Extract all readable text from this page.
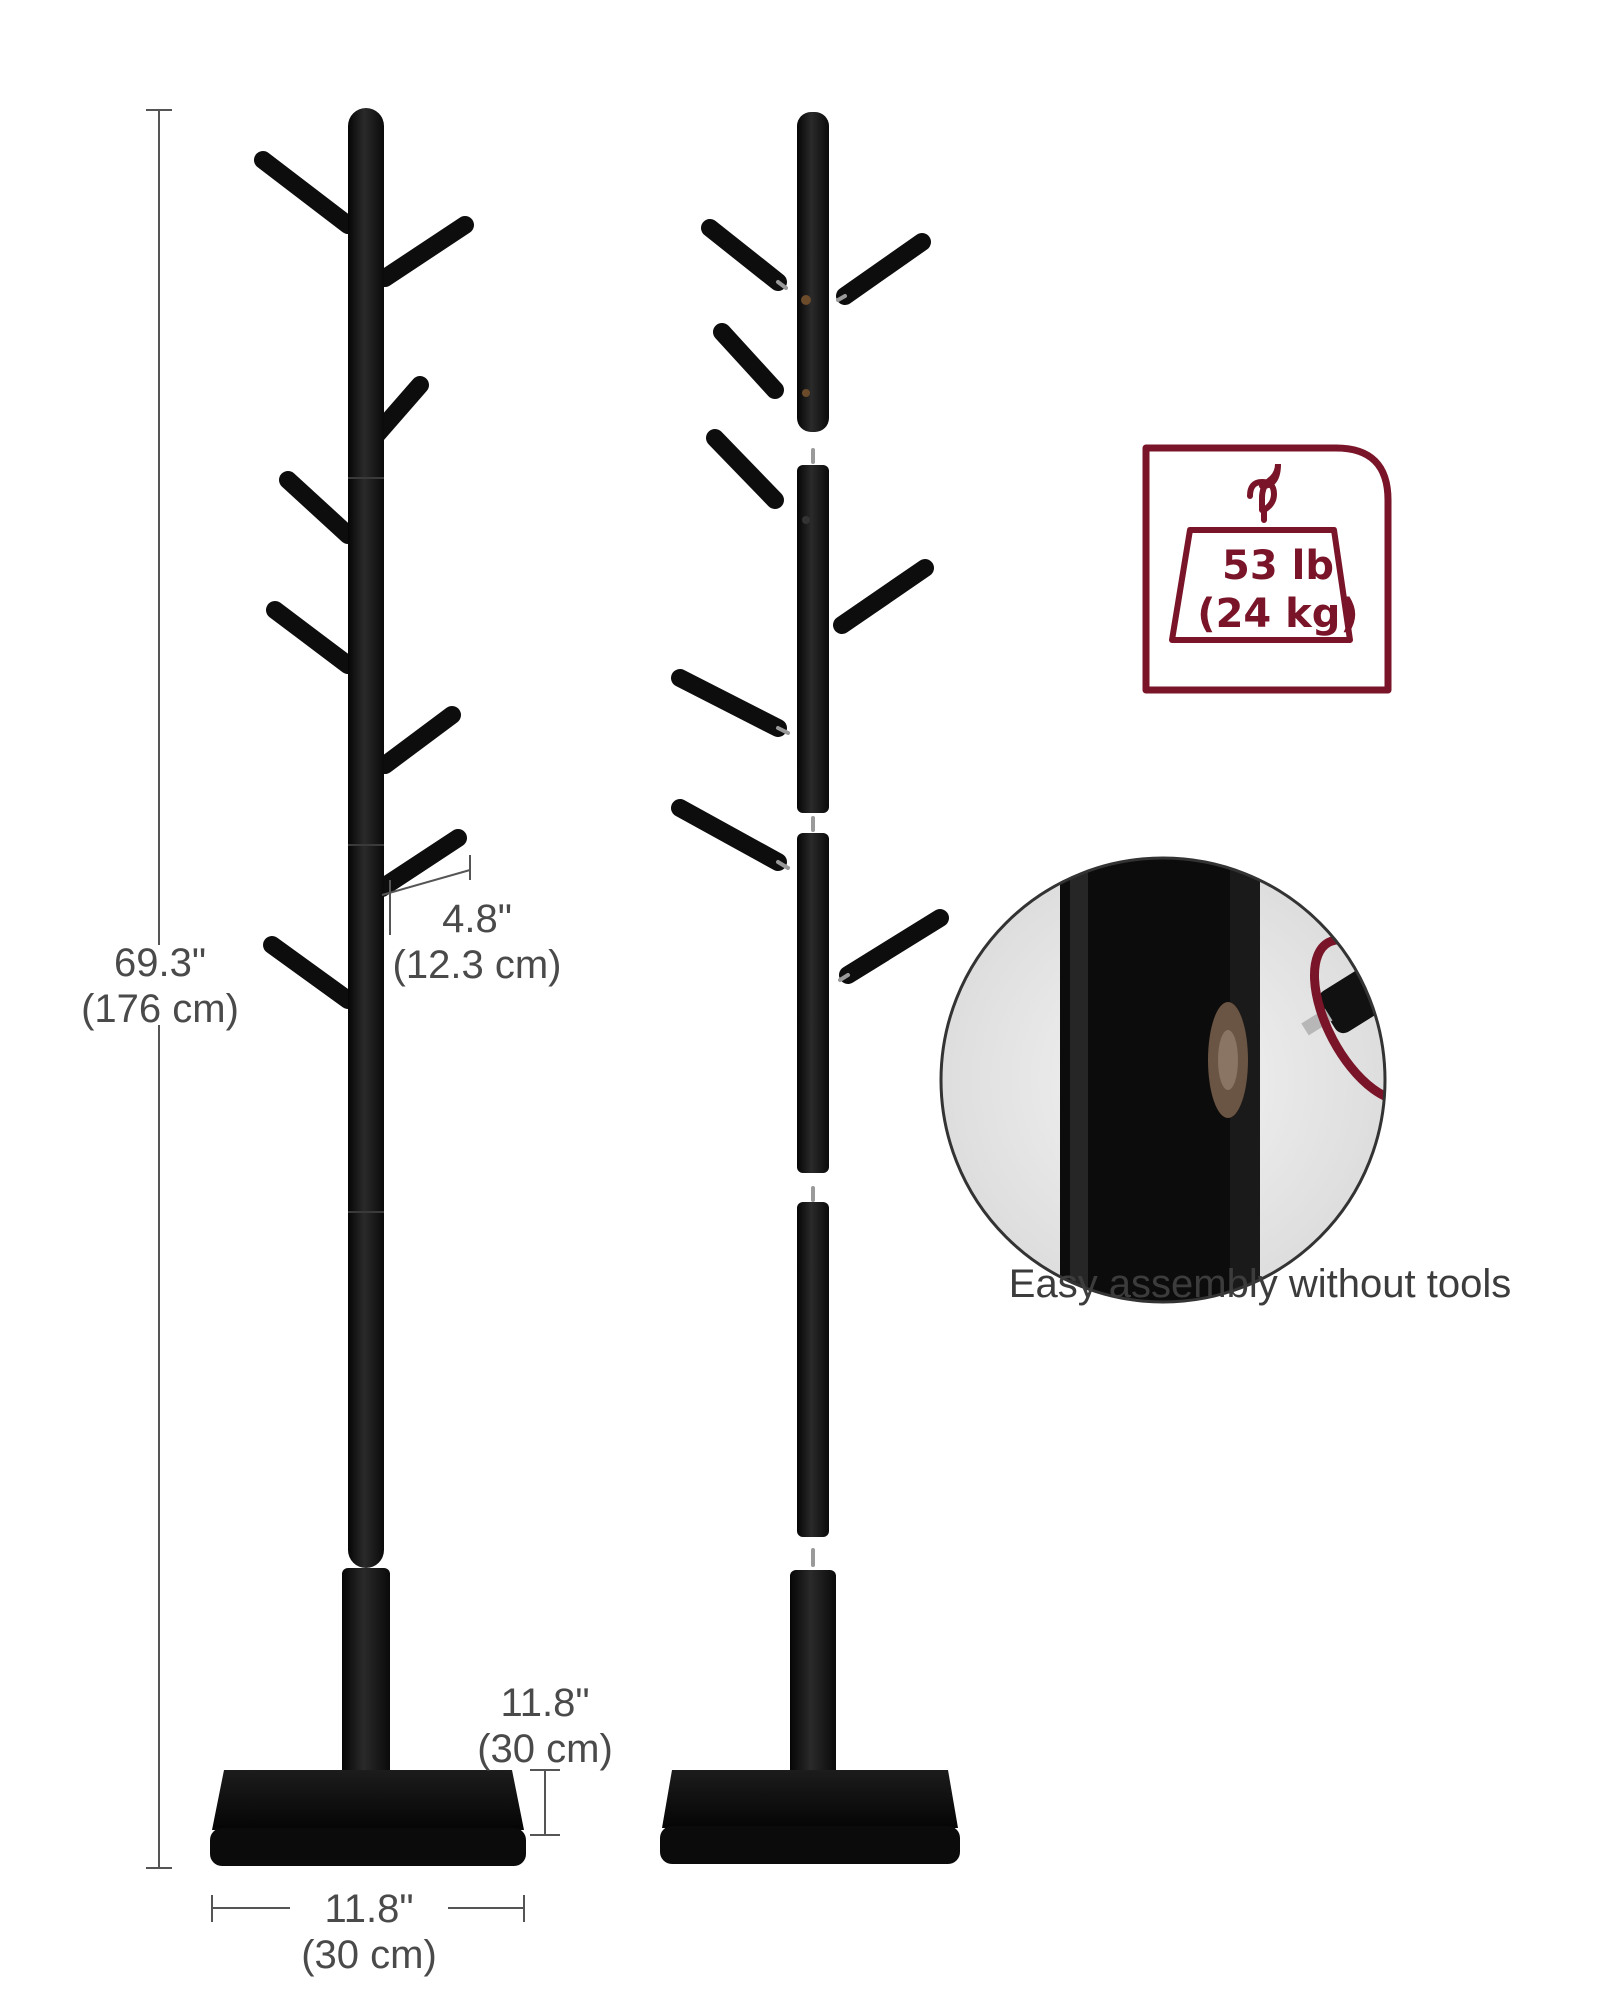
69.3"
(176 cm)
4.8"
(12.3 cm)
11.8"
(30 cm)
11.8"
(30 cm)
53 lb
(24 kg)
Easy assembly without tools
